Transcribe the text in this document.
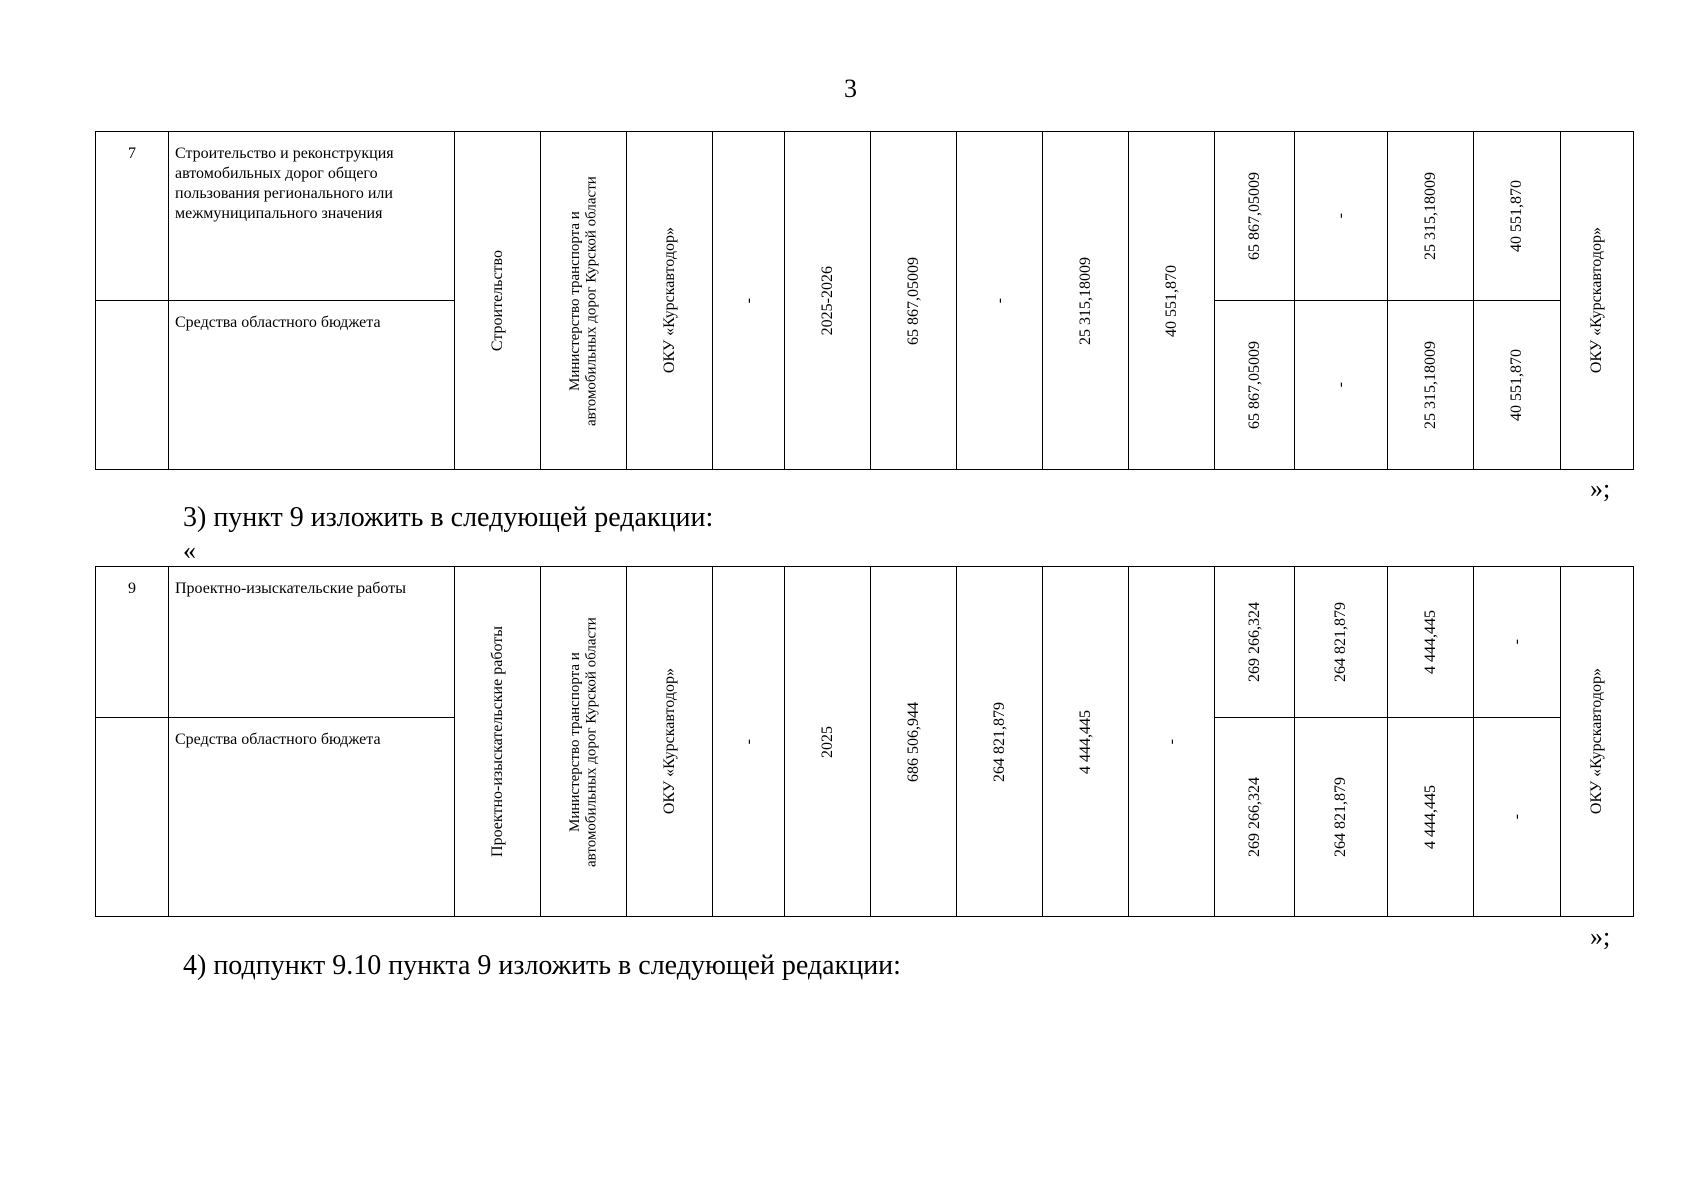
3
7	Строительство и реконструкция автомобильных дорог общего пользования регионального или межмуниципального значения	Строительство	Министерство транспорта и автомобильных дорог Курской области	ОКУ «Курскавтодор»	-	2025-2026	65 867,05009	-	25 315,18009	40 551,870	65 867,05009	-	25 315,18009	40 551,870	ОКУ «Курскавтодор»

	Средства областного бюджета										65 867,05009	-	25 315,18009	40 551,870	
»;
3) пункт 9 изложить в следующей редакции:
«
9	Проектно-изыскательские работы	Проектно-изыскательские работы	Министерство транспорта и автомобильных дорог Курской области	ОКУ «Курскавтодор»	-	2025	686 506,944	264 821,879	4 444,445	-	269 266,324	264 821,879	4 444,445	-	ОКУ «Курскавтодор»

	Средства областного бюджета										269 266,324	264 821,879	4 444,445	-	
»;
4) подпункт 9.10 пункта 9 изложить в следующей редакции:
